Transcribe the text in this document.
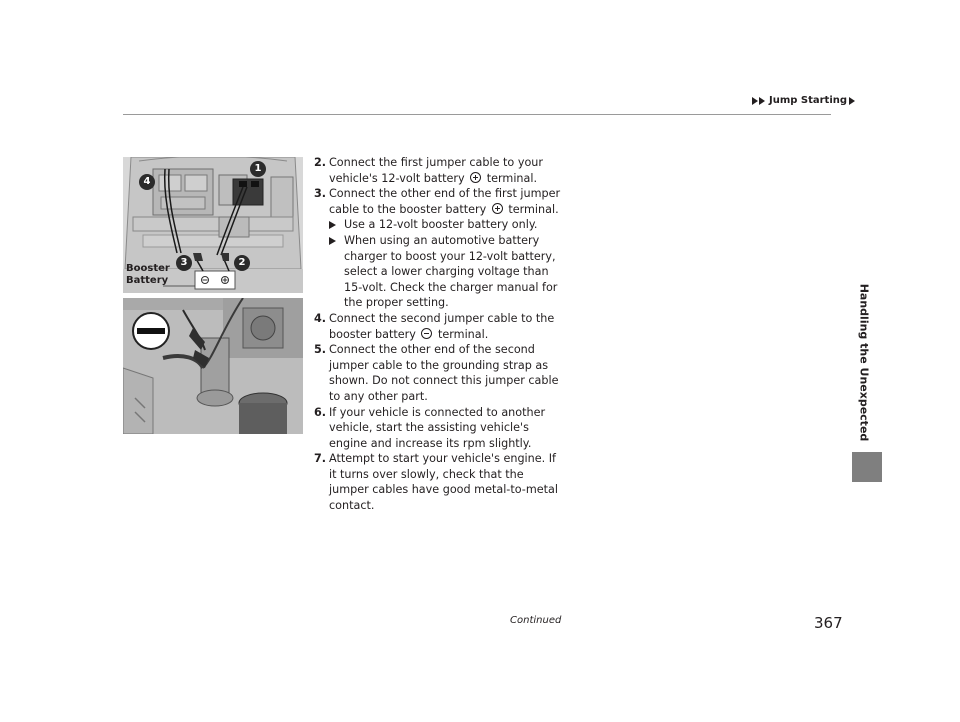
Jump Starting
Handling the Unexpected
1
2
3
4
Booster
Battery
2. Connect the first jumper cable to your vehicle's 12-volt battery  terminal.
3. Connect the other end of the first jumper cable to the booster battery  terminal.
Use a 12-volt booster battery only.
When using an automotive battery charger to boost your 12-volt battery, select a lower charging voltage than 15-volt. Check the charger manual for the proper setting.
4. Connect the second jumper cable to the booster battery  terminal.
5. Connect the other end of the second jumper cable to the grounding strap as shown. Do not connect this jumper cable to any other part.
6. If your vehicle is connected to another vehicle, start the assisting vehicle's engine and increase its rpm slightly.
7. Attempt to start your vehicle's engine. If it turns over slowly, check that the jumper cables have good metal-to-metal contact.
Continued	367
